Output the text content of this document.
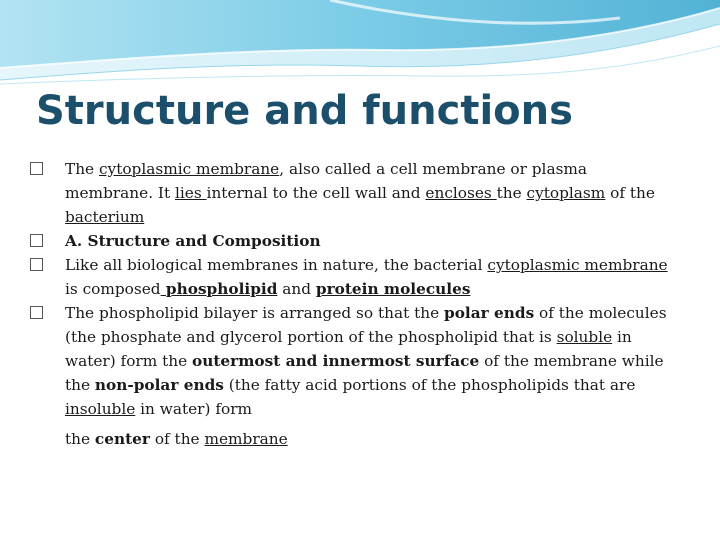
Structure and functions
The cytoplasmic membrane, also called a cell membrane or plasma membrane. It lies internal to the cell wall and encloses the cytoplasm of the bacterium
A. Structure and Composition
Like all biological membranes in nature, the bacterial cytoplasmic membrane is composed phospholipid and protein molecules
The phospholipid bilayer is arranged so that the polar ends of the molecules (the phosphate and glycerol portion of the phospholipid that is soluble in water) form the outermost and innermost surface of the membrane while the non-polar ends (the fatty acid portions of the phospholipids that are insoluble in water) form
the center of the membrane
